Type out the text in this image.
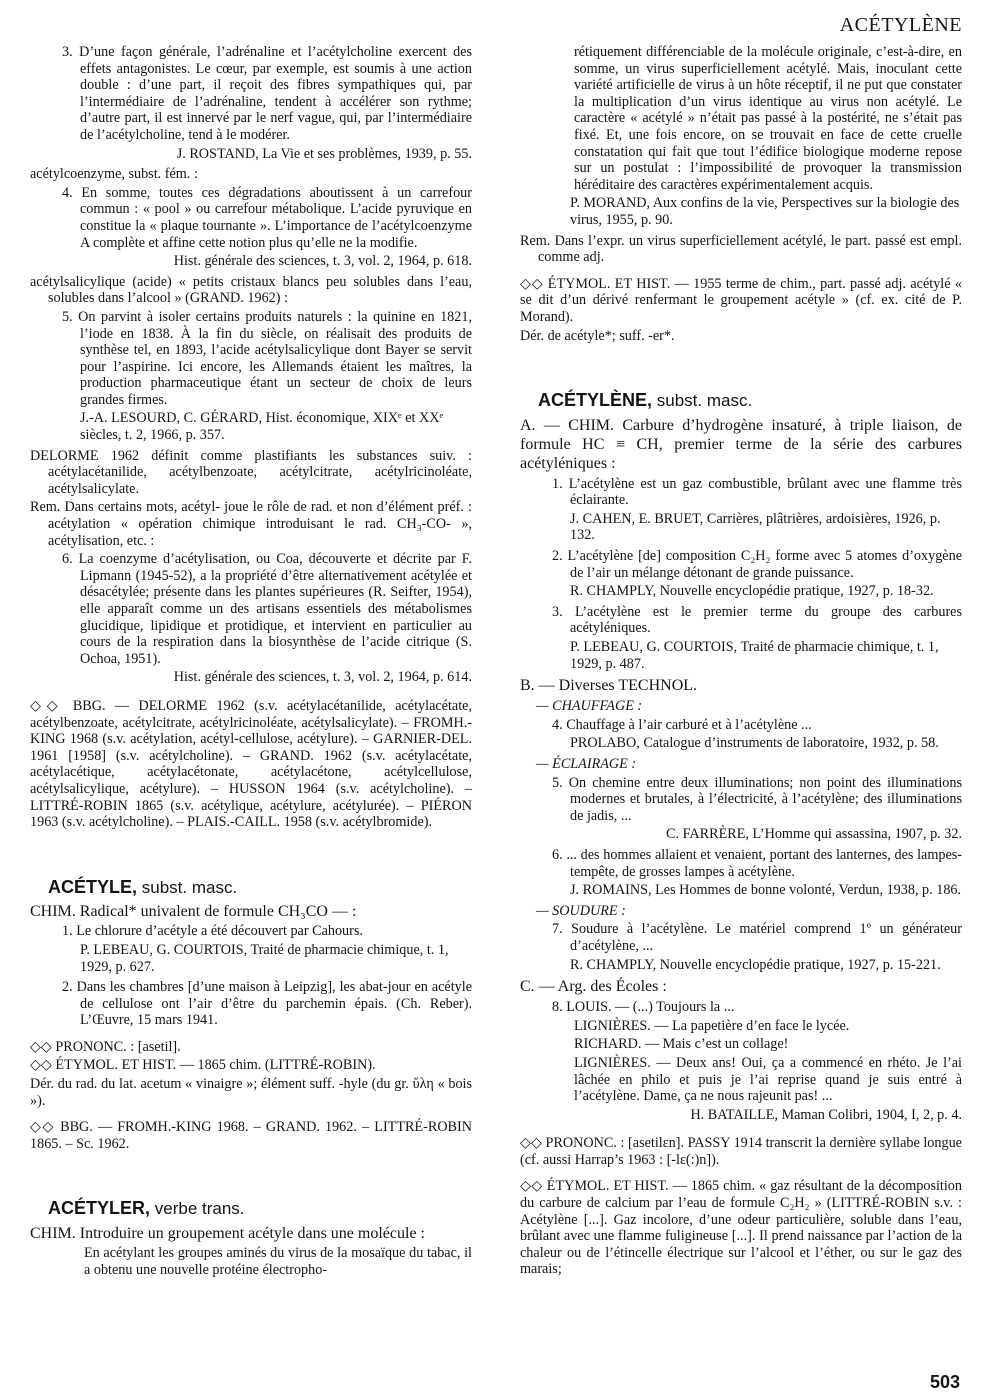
ACÉTYLÈNE
3. D’une façon générale, l’adrénaline et l’acétylcholine exercent des effets antagonistes. Le cœur, par exemple, est soumis à une action double : d’une part, il reçoit des fibres sympathiques qui, par l’intermédiaire de l’adrénaline, tendent à accélérer son rythme; d’autre part, il est innervé par le nerf vague, qui, par l’intermédiaire de l’acétylcholine, tend à le modérer.
J. ROSTAND, La Vie et ses problèmes, 1939, p. 55.
acétylcoenzyme, subst. fém. :
4. En somme, toutes ces dégradations aboutissent à un carrefour commun : « pool » ou carrefour métabolique. L’acide pyruvique en constitue la « plaque tournante ». L’importance de l’acétylcoenzyme A complète et affine cette notion plus qu’elle ne la modifie.
Hist. générale des sciences, t. 3, vol. 2, 1964, p. 618.
acétylsalicylique (acide) « petits cristaux blancs peu solubles dans l’eau, solubles dans l’alcool » (GRAND. 1962) :
5. On parvint à isoler certains produits naturels : la quinine en 1821, l’iode en 1838. À la fin du siècle, on réalisait des produits de synthèse tel, en 1893, l’acide acétylsalicylique dont Bayer se servit pour l’aspirine. Ici encore, les Allemands étaient les maîtres, la production pharmaceutique étant un secteur de choix de leurs grandes firmes.
J.-A. LESOURD, C. GÉRARD, Hist. économique, XIXᵉ et XXᵉ siècles, t. 2, 1966, p. 357.
DELORME 1962 définit comme plastifiants les substances suiv. : acétylacétanilide, acétylbenzoate, acétylcitrate, acétylricinoléate, acétylsalicylate.
Rem. Dans certains mots, acétyl- joue le rôle de rad. et non d’élément préf. : acétylation « opération chimique introduisant le rad. CH₃-CO- », acétylisation, etc. :
6. La coenzyme d’acétylisation, ou Coa, découverte et décrite par F. Lipmann (1945-52), a la propriété d’être alternativement acétylée et désacétylée; présente dans les plantes supérieures (R. Seifter, 1954), elle apparaît comme un des artisans essentiels des métabolismes glucidique, lipidique et protidique, et intervient en particulier au cours de la respiration dans la biosynthèse de l’acide citrique (S. Ochoa, 1951).
Hist. générale des sciences, t. 3, vol. 2, 1964, p. 614.
◇◇ BBG. — DELORME 1962 (s.v. acétylacétanilide, acétylacétate, acétylbenzoate, acétylcitrate, acétylricinoléate, acétylsalicylate). – FROMH.-KING 1968 (s.v. acétylation, acétyl-cellulose, acétylure). – GARNIER-DEL. 1961 [1958] (s.v. acétylcholine). – GRAND. 1962 (s.v. acétylacétate, acétylacétique, acétylacétonate, acétylacétone, acétylcellulose, acétylsalicylique, acétylure). – HUSSON 1964 (s.v. acétylcholine). – LITTRÉ-ROBIN 1865 (s.v. acétylique, acétylure, acétylurée). – PIÉRON 1963 (s.v. acétylcholine). – PLAIS.-CAILL. 1958 (s.v. acétylbromide).
ACÉTYLE, subst. masc.
CHIM. Radical* univalent de formule CH₃CO — :
1. Le chlorure d’acétyle a été découvert par Cahours.
P. LEBEAU, G. COURTOIS, Traité de pharmacie chimique, t. 1, 1929, p. 627.
2. Dans les chambres [d’une maison à Leipzig], les abat-jour en acétyle de cellulose ont l’air d’être du parchemin épais. (Ch. Reber). L’Œuvre, 15 mars 1941.
◇◇ PRONONC. : [asetil].
◇◇ ÉTYMOL. ET HIST. — 1865 chim. (LITTRÉ-ROBIN).
Dér. du rad. du lat. acetum « vinaigre »; élément suff. -hyle (du gr. ὕλη « bois »).
◇◇ BBG. — FROMH.-KING 1968. – GRAND. 1962. – LITTRÉ-ROBIN 1865. – Sc. 1962.
ACÉTYLER, verbe trans.
CHIM. Introduire un groupement acétyle dans une molécule :
En acétylant les groupes aminés du virus de la mosaïque du tabac, il a obtenu une nouvelle protéine électropho-
rétiquement différenciable de la molécule originale, c’est-à-dire, en somme, un virus superficiellement acétylé. Mais, inoculant cette variété artificielle de virus à un hôte réceptif, il ne put que constater la multiplication d’un virus identique au virus non acétylé. Le caractère « acétylé » n’était pas passé à la postérité, ne s’était pas fixé. Et, une fois encore, on se trouvait en face de cette cruelle constatation qui fait que tout l’édifice biologique moderne repose sur un postulat : l’impossibilité de provoquer la transmission héréditaire des caractères expérimentalement acquis.
P. MORAND, Aux confins de la vie, Perspectives sur la biologie des virus, 1955, p. 90.
Rem. Dans l’expr. un virus superficiellement acétylé, le part. passé est empl. comme adj.
◇◇ ÉTYMOL. ET HIST. — 1955 terme de chim., part. passé adj. acétylé « se dit d’un dérivé renfermant le groupement acétyle » (cf. ex. cité de P. Morand).
Dér. de acétyle*; suff. -er*.
ACÉTYLÈNE, subst. masc.
A. — CHIM. Carbure d’hydrogène insaturé, à triple liaison, de formule HC ≡ CH, premier terme de la série des carbures acétyléniques :
1. L’acétylène est un gaz combustible, brûlant avec une flamme très éclairante.
J. CAHEN, E. BRUET, Carrières, plâtrières, ardoisières, 1926, p. 132.
2. L’acétylène [de] composition C₂H₂ forme avec 5 atomes d’oxygène de l’air un mélange détonant de grande puissance.
R. CHAMPLY, Nouvelle encyclopédie pratique, 1927, p. 18-32.
3. L’acétylène est le premier terme du groupe des carbures acétyléniques.
P. LEBEAU, G. COURTOIS, Traité de pharmacie chimique, t. 1, 1929, p. 487.
B. — Diverses TECHNOL.
— CHAUFFAGE :
4. Chauffage à l’air carburé et à l’acétylène ...
PROLABO, Catalogue d’instruments de laboratoire, 1932, p. 58.
— ÉCLAIRAGE :
5. On chemine entre deux illuminations; non point des illuminations modernes et brutales, à l’électricité, à l’acétylène; des illuminations de jadis, ...
C. FARRÈRE, L’Homme qui assassina, 1907, p. 32.
6. ... des hommes allaient et venaient, portant des lanternes, des lampes-tempête, de grosses lampes à acétylène.
J. ROMAINS, Les Hommes de bonne volonté, Verdun, 1938, p. 186.
— SOUDURE :
7. Soudure à l’acétylène. Le matériel comprend 1º un générateur d’acétylène, ...
R. CHAMPLY, Nouvelle encyclopédie pratique, 1927, p. 15-221.
C. — Arg. des Écoles :
8. LOUIS. — (...) Toujours la ...
LIGNIÈRES. — La papetière d’en face le lycée.
RICHARD. — Mais c’est un collage!
LIGNIÈRES. — Deux ans! Oui, ça a commencé en rhéto. Je l’ai lâchée en philo et puis je l’ai reprise quand je suis entré à l’acétylène. Dame, ça ne nous rajeunit pas! ...
H. BATAILLE, Maman Colibri, 1904, I, 2, p. 4.
◇◇ PRONONC. : [asetilɛn]. PASSY 1914 transcrit la dernière syllabe longue (cf. aussi Harrap’s 1963 : [-lɛ(:)n]).
◇◇ ÉTYMOL. ET HIST. — 1865 chim. « gaz résultant de la décomposition du carbure de calcium par l’eau de formule C₂H₂ » (LITTRÉ-ROBIN s.v. : Acétylène [...]. Gaz incolore, d’une odeur particulière, soluble dans l’eau, brûlant avec une flamme fuligineuse [...]. Il prend naissance par l’action de la chaleur ou de l’étincelle électrique sur l’alcool et l’éther, ou sur le gaz des marais;
503
